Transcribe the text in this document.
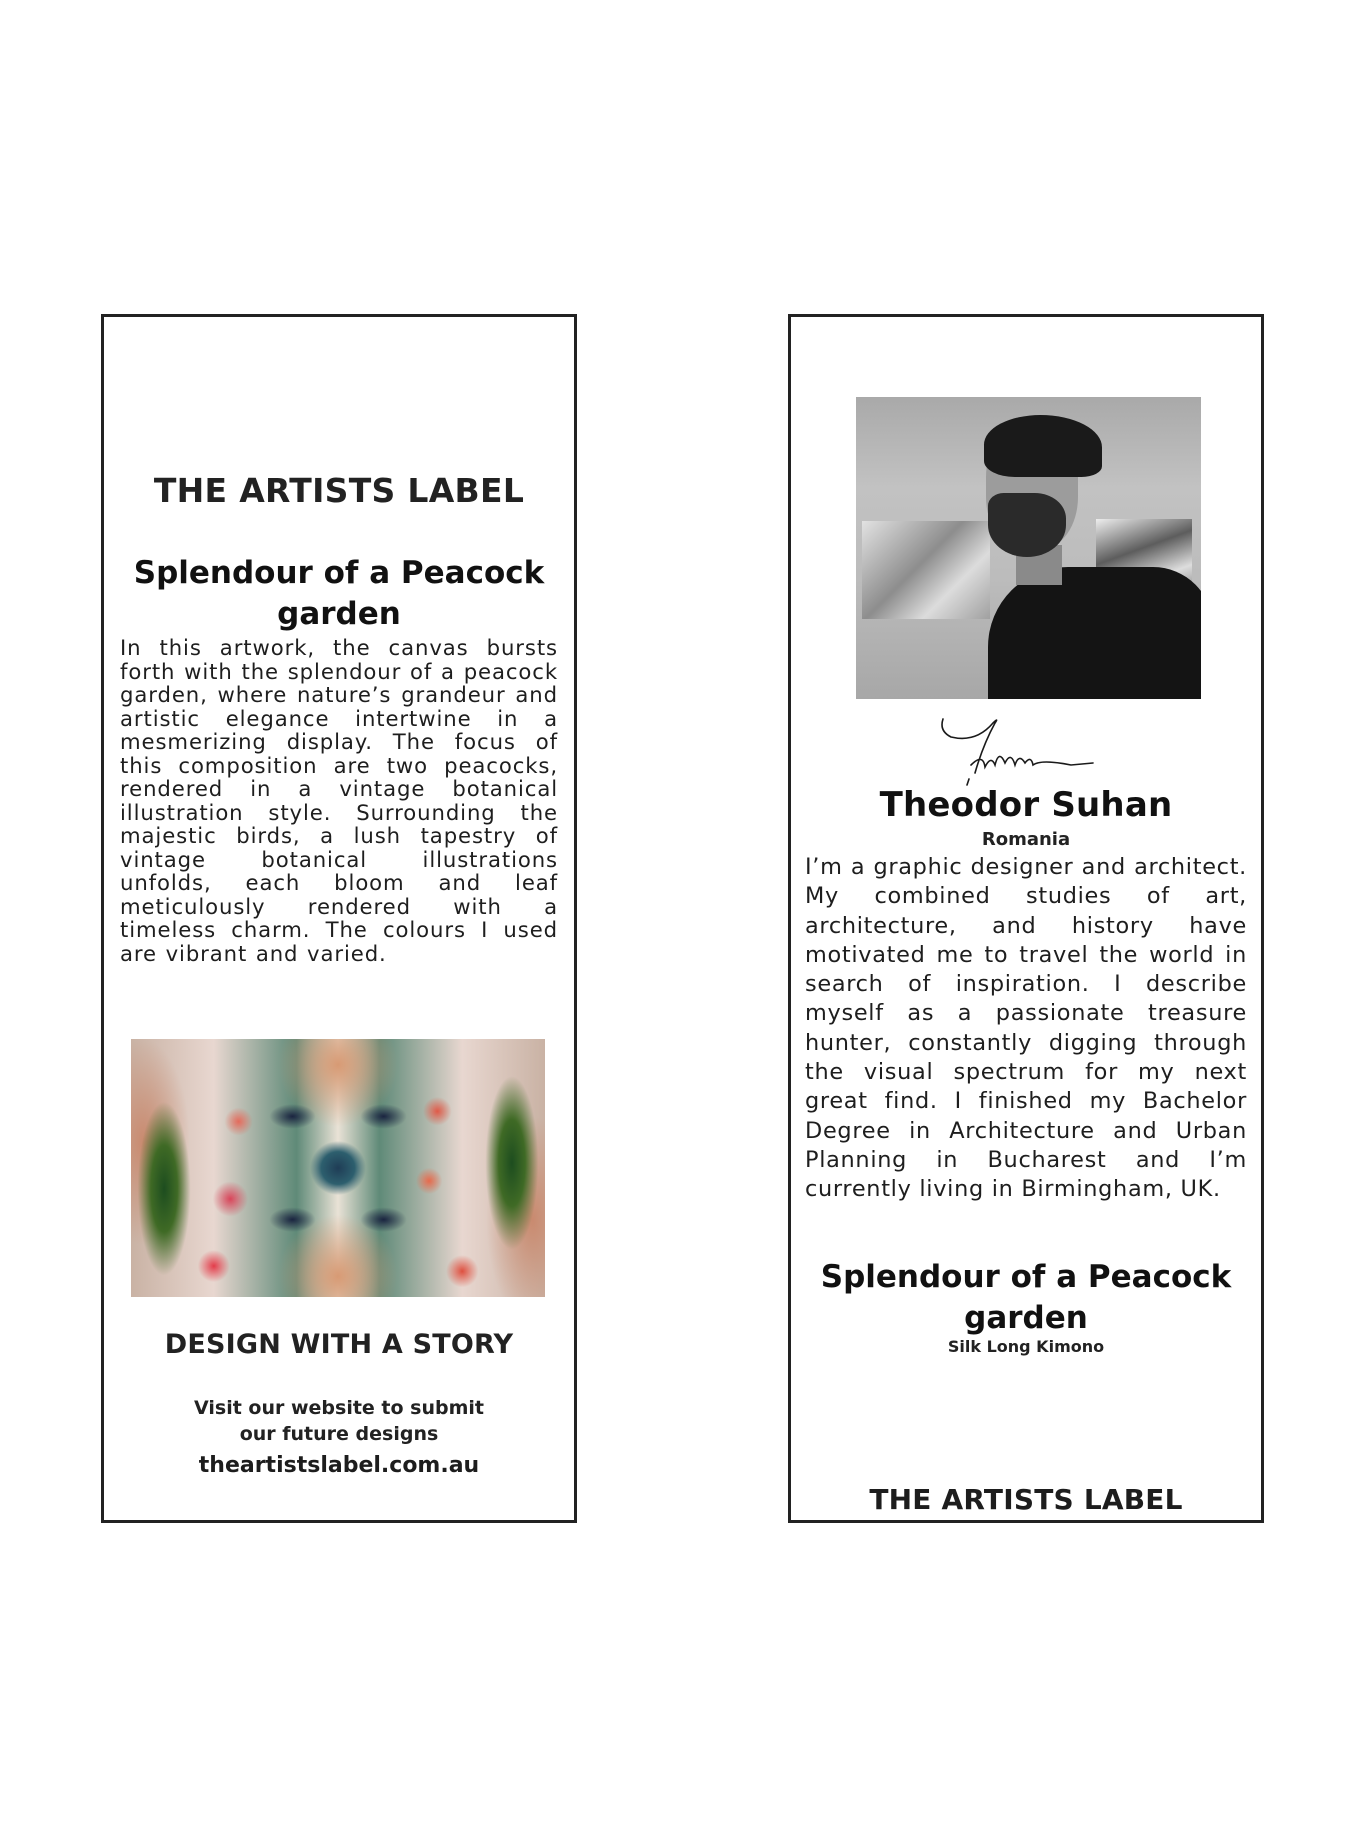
THE ARTISTS LABEL
Splendour of a Peacock garden

In this artwork, the canvas bursts forth with the splendour of a peacock garden, where nature’s grandeur and artistic elegance intertwine in a mesmerizing display. The focus of this composition are two peacocks, rendered in a vintage botanical illustration style. Surrounding the majestic birds, a lush tapestry of vintage botanical illustrations unfolds, each bloom and leaf meticulously rendered with a timeless charm. The colours I used are vibrant and varied.

DESIGN WITH A STORY
Visit our website to submit
our future designs
theartistslabel.com.au
Theodor Suhan
Romania

I’m a graphic designer and architect. My combined studies of art, architecture, and history have motivated me to travel the world in search of inspiration. I describe myself as a passionate treasure hunter, constantly digging through the visual spectrum for my next great find. I finished my Bachelor Degree in Architecture and Urban Planning in Bucharest and I’m currently living in Birmingham, UK.

Splendour of a Peacock garden
Silk Long Kimono
THE ARTISTS LABEL
